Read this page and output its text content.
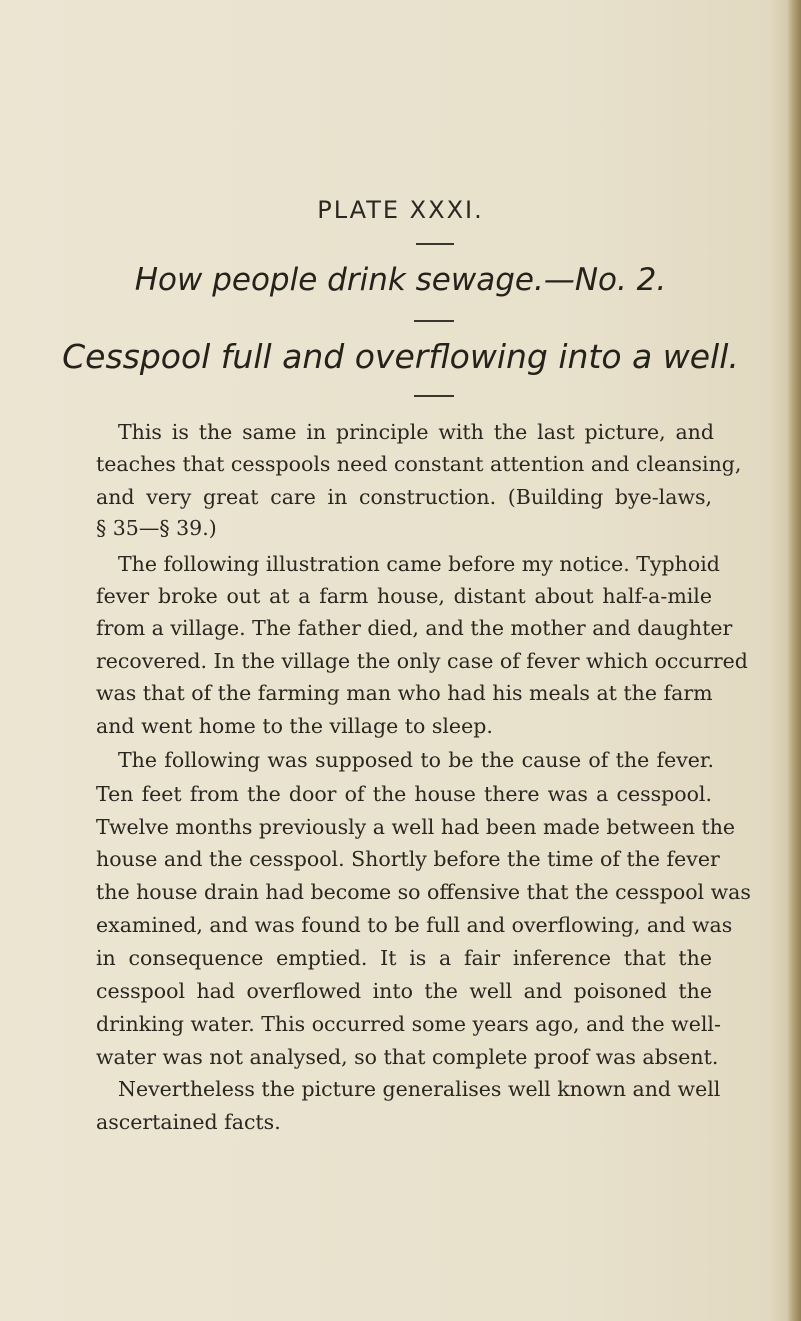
PLATE XXXI.

How people drink sewage.—No. 2.

Cesspool full and overflowing into a well.

This is the same in principle with the last picture, and

teaches that cesspools need constant attention and cleansing,

and very great care in construction. (Building bye-laws,

§ 35—§ 39.)

The following illustration came before my notice. Typhoid

fever broke out at a farm house, distant about half-a-mile

from a village. The father died, and the mother and daughter

recovered. In the village the only case of fever which occurred

was that of the farming man who had his meals at the farm

and went home to the village to sleep.

The following was supposed to be the cause of the fever.

Ten feet from the door of the house there was a cesspool.

Twelve months previously a well had been made between the

house and the cesspool. Shortly before the time of the fever

the house drain had become so offensive that the cesspool was

examined, and was found to be full and overflowing, and was

in consequence emptied. It is a fair inference that the

cesspool had overflowed into the well and poisoned the

drinking water. This occurred some years ago, and the well-

water was not analysed, so that complete proof was absent.

Nevertheless the picture generalises well known and well

ascertained facts.
